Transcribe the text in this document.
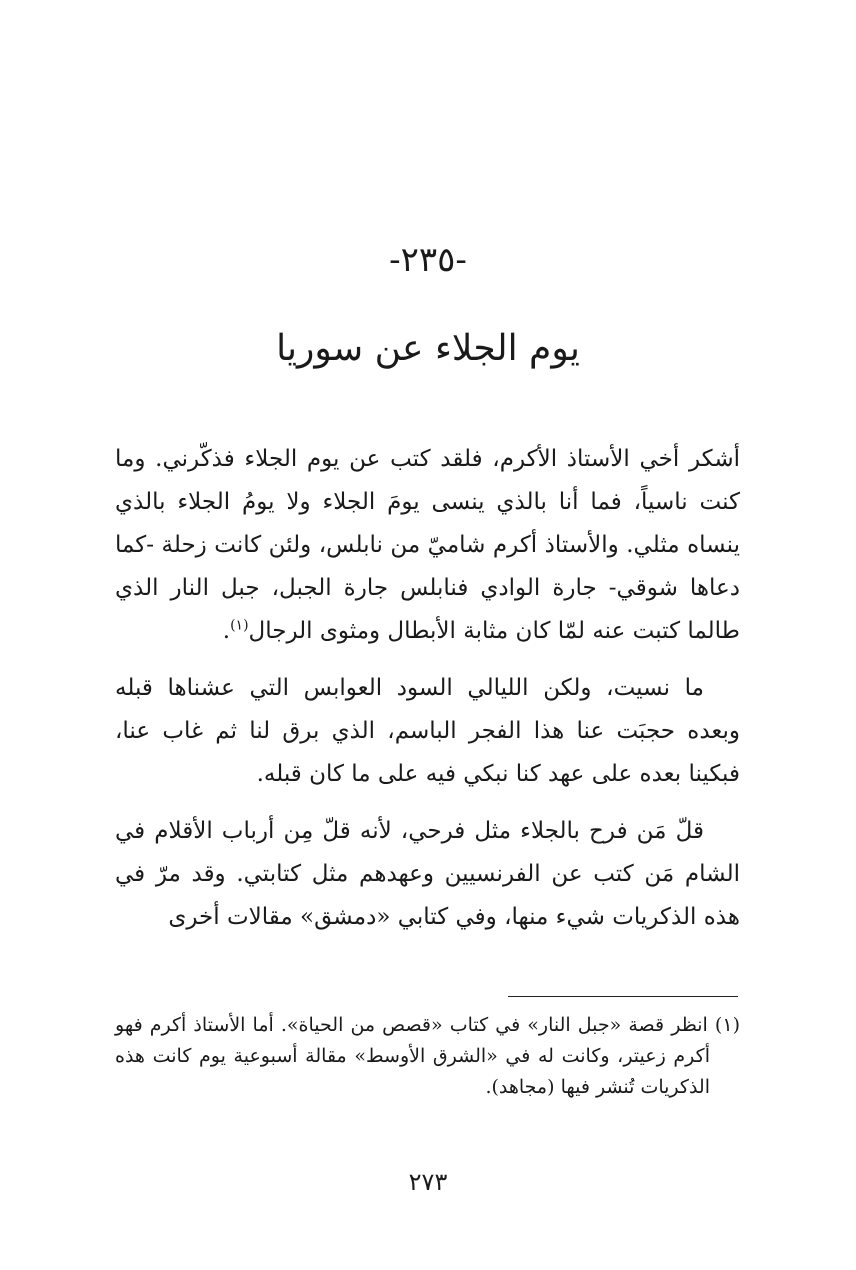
-٢٣٥-
يوم الجلاء عن سوريا

أشكر أخي الأستاذ الأكرم، فلقد كتب عن يوم الجلاء فذكّرني. وما كنت ناسياً، فما أنا بالذي ينسى يومَ الجلاء ولا يومُ الجلاء بالذي ينساه مثلي. والأستاذ أكرم شاميّ من نابلس، ولئن كانت زحلة -كما دعاها شوقي- جارة الوادي فنابلس جارة الجبل، جبل النار الذي طالما كتبت عنه لمّا كان مثابة الأبطال ومثوى الرجال$^{(١)}$.

ما نسيت، ولكن الليالي السود العوابس التي عشناها قبله وبعده حجبَت عنا هذا الفجر الباسم، الذي برق لنا ثم غاب عنا، فبكينا بعده على عهد كنا نبكي فيه على ما كان قبله.

قلّ مَن فرح بالجلاء مثل فرحي، لأنه قلّ مِن أرباب الأقلام في الشام مَن كتب عن الفرنسيين وعهدهم مثل كتابتي. وقد مرّ في هذه الذكريات شيء منها، وفي كتابي «دمشق» مقالات أخرى

(١) انظر قصة «جبل النار» في كتاب «قصص من الحياة». أما الأستاذ أكرم فهو أكرم زعيتر، وكانت له في «الشرق الأوسط» مقالة أسبوعية يوم كانت هذه الذكريات تُنشر فيها (مجاهد).

٢٧٣
